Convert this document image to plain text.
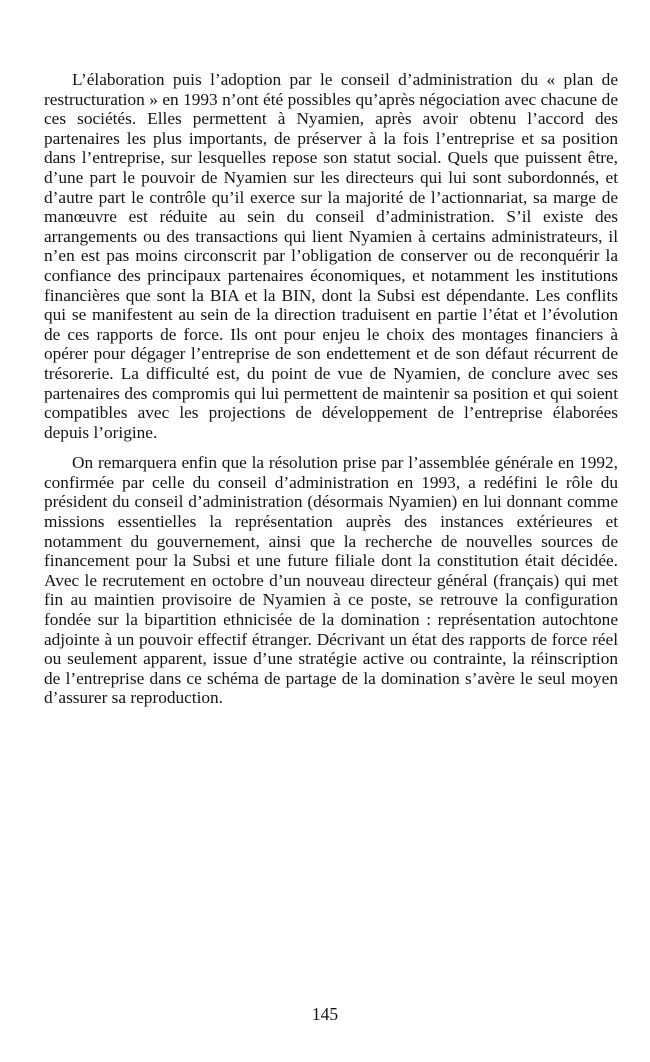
L’élaboration puis l’adoption par le conseil d’administration du « plan de restructuration » en 1993 n’ont été possibles qu’après négociation avec chacune de ces sociétés. Elles permettent à Nyamien, après avoir obtenu l’accord des partenaires les plus importants, de préserver à la fois l’entreprise et sa position dans l’entreprise, sur lesquelles repose son statut social. Quels que puissent être, d’une part le pouvoir de Nyamien sur les directeurs qui lui sont subordonnés, et d’autre part le contrôle qu’il exerce sur la majorité de l’actionnariat, sa marge de manœuvre est réduite au sein du conseil d’administration. S’il existe des arrangements ou des transactions qui lient Nyamien à certains administrateurs, il n’en est pas moins circonscrit par l’obligation de conserver ou de reconquérir la confiance des principaux partenaires économiques, et notamment les institutions financières que sont la BIA et la BIN, dont la Subsi est dépendante. Les conflits qui se manifestent au sein de la direction traduisent en partie l’état et l’évolution de ces rapports de force. Ils ont pour enjeu le choix des montages financiers à opérer pour dégager l’entreprise de son endettement et de son défaut récurrent de trésorerie. La difficulté est, du point de vue de Nyamien, de conclure avec ses partenaires des compromis qui lui permettent de maintenir sa position et qui soient compatibles avec les projections de développement de l’entreprise élaborées depuis l’origine.

On remarquera enfin que la résolution prise par l’assemblée générale en 1992, confirmée par celle du conseil d’administration en 1993, a redéfini le rôle du président du conseil d’administration (désormais Nyamien) en lui donnant comme missions essentielles la représentation auprès des instances extérieures et notamment du gouvernement, ainsi que la recherche de nouvelles sources de financement pour la Subsi et une future filiale dont la constitution était décidée. Avec le recrutement en octobre d’un nouveau directeur général (français) qui met fin au maintien provisoire de Nyamien à ce poste, se retrouve la configuration fondée sur la bipartition ethnicisée de la domination : représentation autochtone adjointe à un pouvoir effectif étranger. Décrivant un état des rapports de force réel ou seulement apparent, issue d’une stratégie active ou contrainte, la réinscription de l’entreprise dans ce schéma de partage de la domination s’avère le seul moyen d’assurer sa reproduction.

145
